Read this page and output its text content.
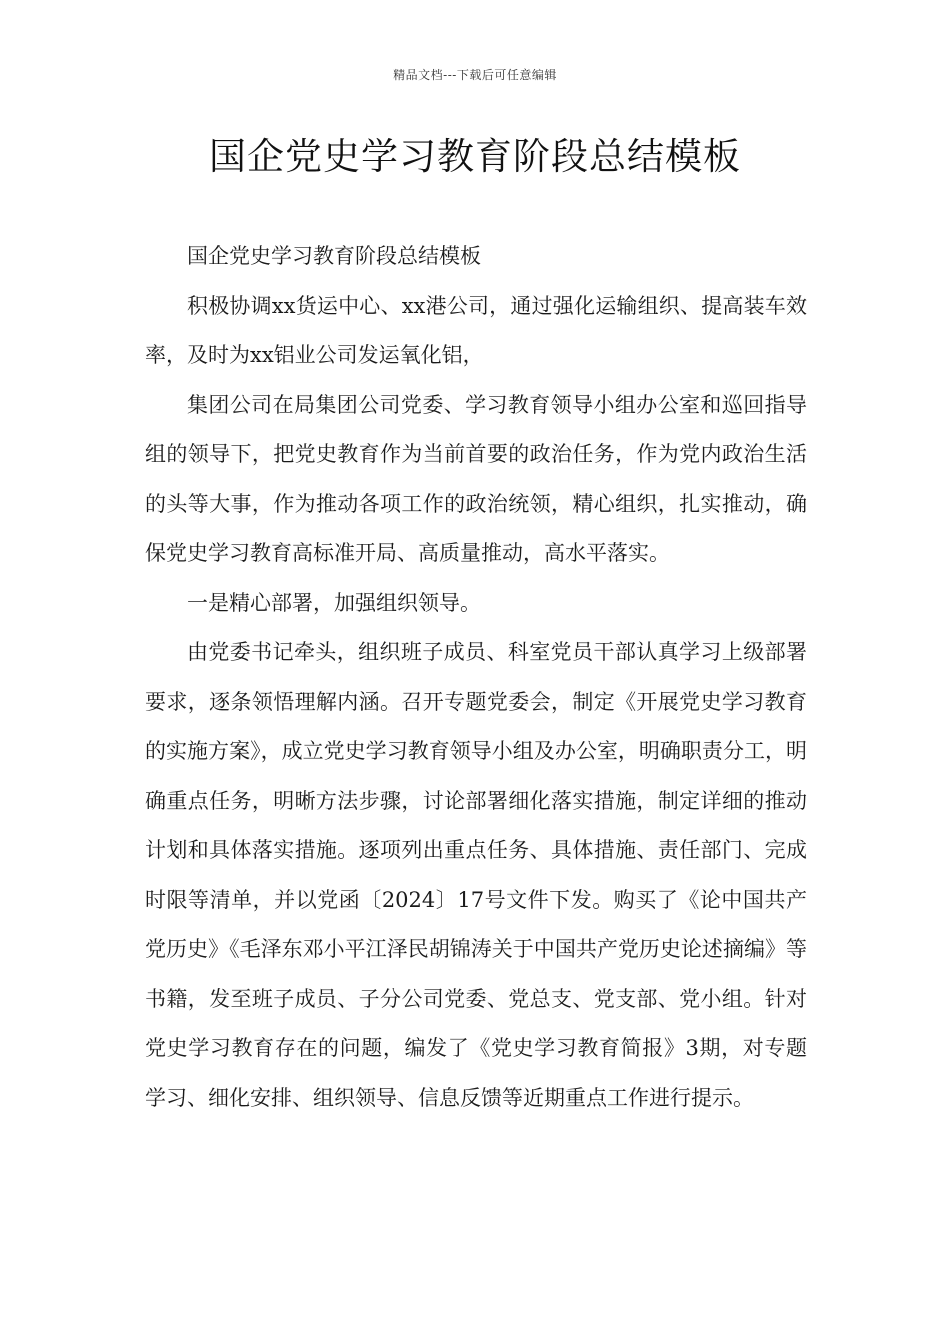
精品文档---下载后可任意编辑
国企党史学习教育阶段总结模板

国企党史学习教育阶段总结模板

积极协调xx货运中心、xx港公司，通过强化运输组织、提高装车效率，及时为xx铝业公司发运氧化铝，

集团公司在局集团公司党委、学习教育领导小组办公室和巡回指导组的领导下，把党史教育作为当前首要的政治任务，作为党内政治生活的头等大事，作为推动各项工作的政治统领，精心组织，扎实推动，确保党史学习教育高标准开局、高质量推动，高水平落实。

一是精心部署，加强组织领导。

由党委书记牵头，组织班子成员、科室党员干部认真学习上级部署要求，逐条领悟理解内涵。召开专题党委会，制定《开展党史学习教育的实施方案》，成立党史学习教育领导小组及办公室，明确职责分工，明确重点任务，明晰方法步骤，讨论部署细化落实措施，制定详细的推动计划和具体落实措施。逐项列出重点任务、具体措施、责任部门、完成时限等清单，并以党函〔2024〕17号文件下发。购买了《论中国共产党历史》《毛泽东邓小平江泽民胡锦涛关于中国共产党历史论述摘编》等书籍，发至班子成员、子分公司党委、党总支、党支部、党小组。针对党史学习教育存在的问题，编发了《党史学习教育简报》3期，对专题学习、细化安排、组织领导、信息反馈等近期重点工作进行提示。
